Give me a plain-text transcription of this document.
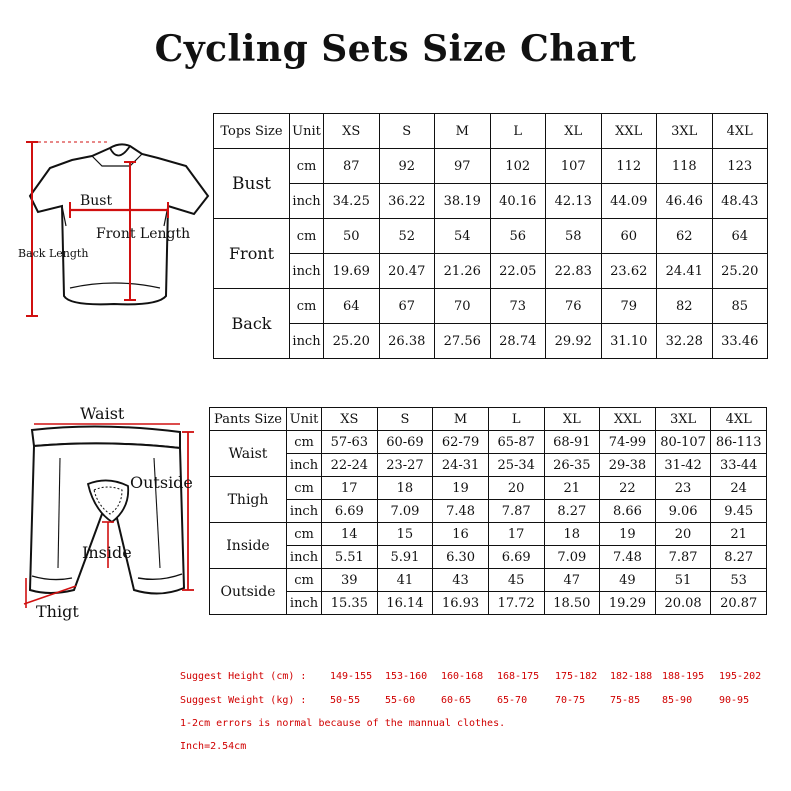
Cycling Sets Size Chart
Bust
Front Length
Back Length
Waist
Outside
Inside
Thigt
Tops Size	Unit	XS	S	M	L	XL	XXL	3XL	4XL
Bust	cm	87	92	97	102	107	112	118	123
	inch	34.25	36.22	38.19	40.16	42.13	44.09	46.46	48.43
Front	cm	50	52	54	56	58	60	62	64
	inch	19.69	20.47	21.26	22.05	22.83	23.62	24.41	25.20
Back	cm	64	67	70	73	76	79	82	85
	inch	25.20	26.38	27.56	28.74	29.92	31.10	32.28	33.46
Pants Size	Unit	XS	S	M	L	XL	XXL	3XL	4XL
Waist	cm	57-63	60-69	62-79	65-87	68-91	74-99	80-107	86-113
	inch	22-24	23-27	24-31	25-34	26-35	29-38	31-42	33-44
Thigh	cm	17	18	19	20	21	22	23	24
	inch	6.69	7.09	7.48	7.87	8.27	8.66	9.06	9.45
Inside	cm	14	15	16	17	18	19	20	21
	inch	5.51	5.91	6.30	6.69	7.09	7.48	7.87	8.27
Outside	cm	39	41	43	45	47	49	51	53
	inch	15.35	16.14	16.93	17.72	18.50	19.29	20.08	20.87
Suggest Height (cm) : 149-155 153-160 160-168 168-175 175-182 182-188 188-195 195-202
Suggest Weight (kg) : 50-55 55-60	60-65	65-70	70-75 75-85 85-90	90-95
1-2cm errors is normal because of the mannual clothes.
Inch=2.54cm
